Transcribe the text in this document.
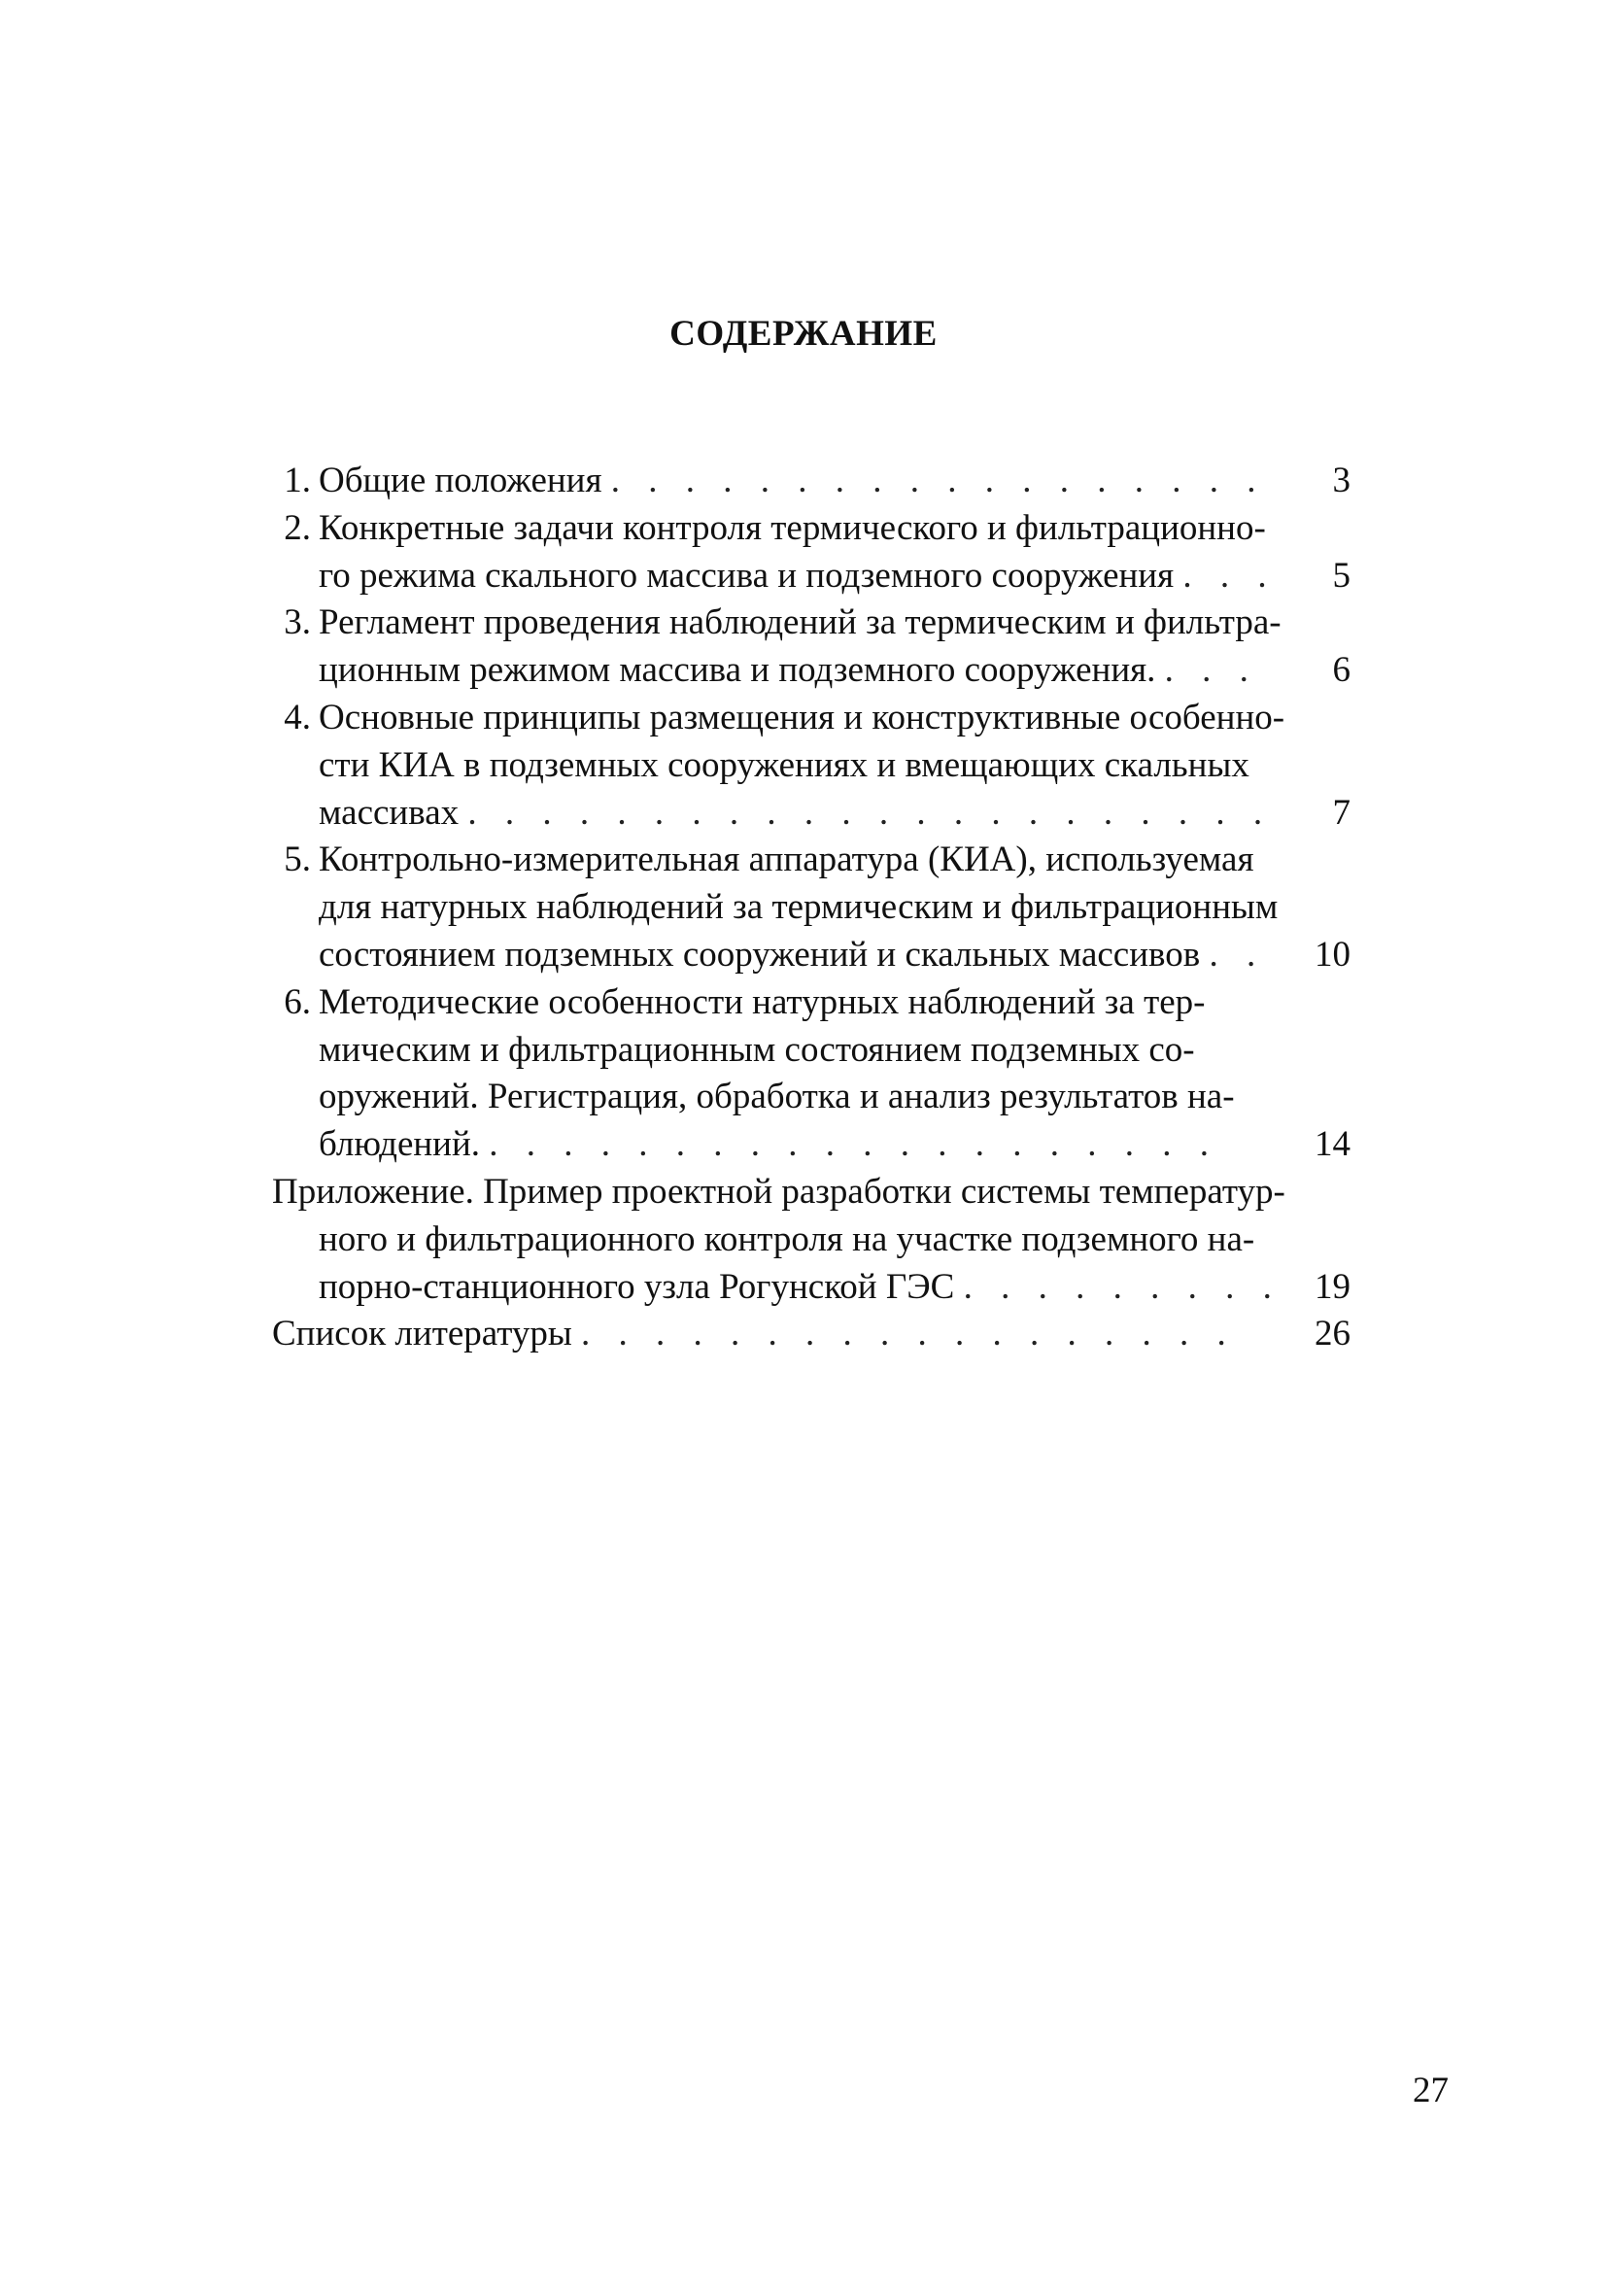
СОДЕРЖАНИЕ
1. Общие положения . . . . . . . . . . . . . . . . . .	3

2. Конкретные задачи контроля термического и фильтрационно-

го режима скального массива и подземного сооружения . . .	5

3. Регламент проведения наблюдений за термическим и фильтра-

ционным режимом массива и подземного сооружения. . . .	6

4. Основные принципы размещения и конструктивные особенно-

сти КИА в подземных сооружениях и вмещающих скальных

массивах . . . . . . . . . . . . . . . . . . . . . .	7

5. Контрольно-измерительная аппаратура (КИА), используемая

для натурных наблюдений за термическим и фильтрационным

состоянием подземных сооружений и скальных массивов . .	10

6. Методические особенности натурных наблюдений за тер-

мическим и фильтрационным состоянием подземных со-

оружений. Регистрация, обработка и анализ результатов на-

блюдений. . . . . . . . . . . . . . . . . . . . .	14

Приложение. Пример проектной разработки системы температур-

ного и фильтрационного контроля на участке подземного на-

порно-станционного узла Рогунской ГЭС . . . . . . . . . 19

Список литературы . . . . . . . . . . . . . . . . . .	26

27
